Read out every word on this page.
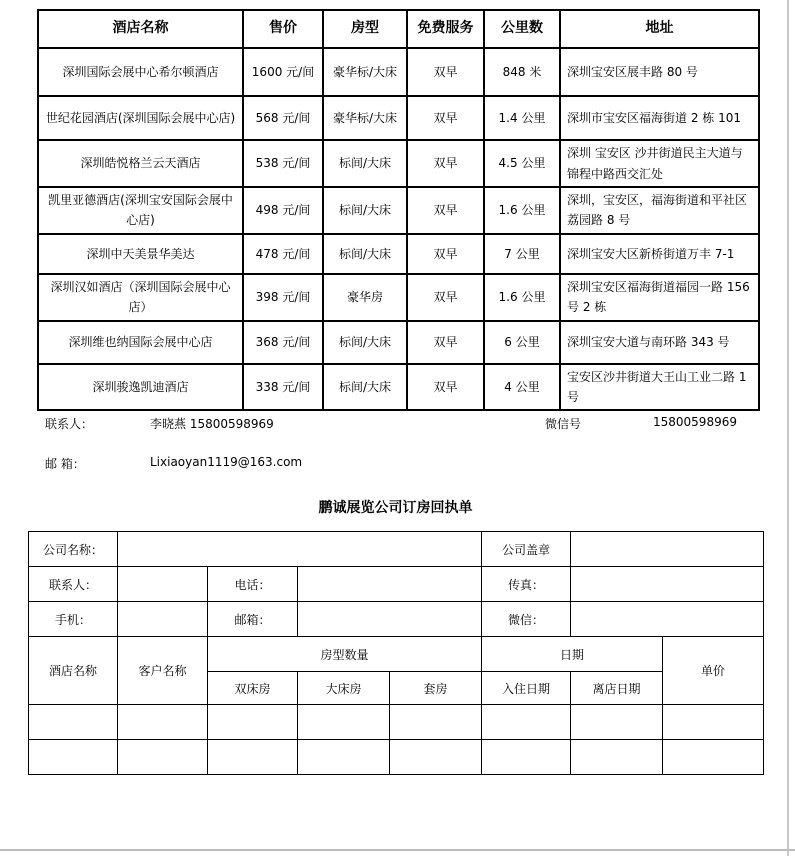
酒店名称	售价	房型	免费服务	公里数	地址
深圳国际会展中心希尔顿酒店	1600 元/间	豪华标/大床	双早	848 米	深圳宝安区展丰路 80 号
世纪花园酒店(深圳国际会展中心店)	568 元/间	豪华标/大床	双早	1.4 公里	深圳市宝安区福海街道 2 栋 101
深圳皓悦格兰云天酒店	538 元/间	标间/大床	双早	4.5 公里	深圳 宝安区 沙井街道民主大道与锦程中路西交汇处
凯里亚德酒店(深圳宝安国际会展中心店)	498 元/间	标间/大床	双早	1.6 公里	深圳，宝安区，福海街道和平社区荔园路 8 号
深圳中天美景华美达	478 元/间	标间/大床	双早	7 公里	深圳宝安大区新桥街道万丰 7-1
深圳汉如酒店（深圳国际会展中心店）	398 元/间	豪华房	双早	1.6 公里	深圳宝安区福海街道福园一路 156 号 2 栋
深圳维也纳国际会展中心店	368 元/间	标间/大床	双早	6 公里	深圳宝安大道与南环路 343 号
深圳骏逸凯迪酒店	338 元/间	标间/大床	双早	4 公里	宝安区沙井街道大王山工业二路 1 号
联系人：	李晓燕 15800598969	微信号	15800598969
邮 箱：	Lixiaoyan1119@163.com
鹏诚展览公司订房回执单
公司名称：					公司盖章		
联系人：		电话：			传真：		
手机：		邮箱：			微信：		
酒店名称	客户名称	房型数量			日期		单价
		双床房	大床房	套房	入住日期	离店日期	
